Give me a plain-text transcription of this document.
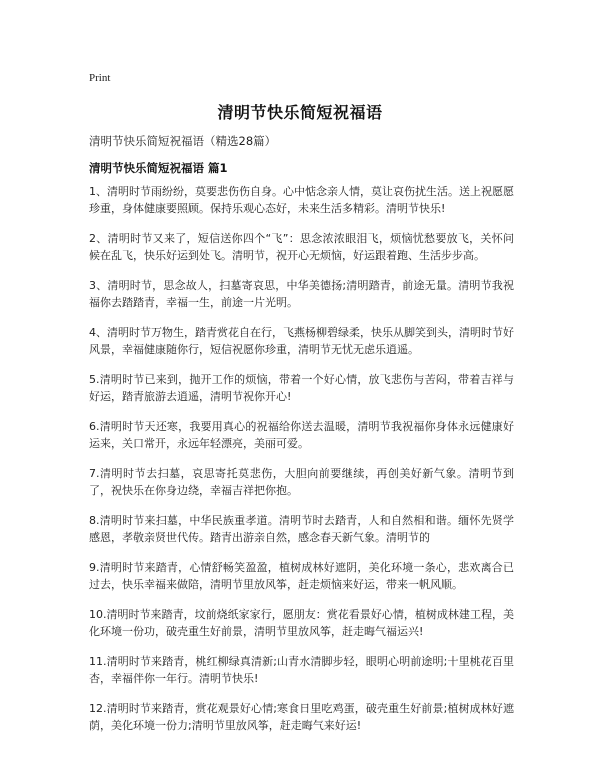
Print
清明节快乐简短祝福语
清明节快乐简短祝福语（精选28篇）
清明节快乐简短祝福语 篇1

1、清明时节雨纷纷，莫要悲伤伤自身。心中惦念亲人情，莫让哀伤扰生活。送上祝愿愿珍重，身体健康要照顾。保持乐观心态好，未来生活多精彩。清明节快乐!

2、清明时节又来了，短信送你四个“飞”：思念浓浓眼泪飞，烦恼忧愁要放飞，关怀问候在乱飞，快乐好运到处飞。清明节，祝开心无烦恼，好运跟着跑、生活步步高。

3、清明时节，思念故人，扫墓寄哀思，中华美德扬;清明踏青，前途无量。清明节我祝福你去踏踏青，幸福一生，前途一片光明。

4、清明时节万物生，踏青赏花自在行，飞燕杨柳碧绿柔，快乐从脚笑到头，清明时节好风景，幸福健康随你行，短信祝愿你珍重，清明节无忧无虑乐逍遥。

5.清明时节已来到，抛开工作的烦恼，带着一个好心情，放飞悲伤与苦闷，带着吉祥与好运，踏青旅游去逍遥，清明节祝你开心!

6.清明时节天还寒，我要用真心的祝福给你送去温暖，清明节我祝福你身体永远健康好运来，关口常开，永远年轻漂亮，美丽可爱。

7.清明时节去扫墓，哀思寄托莫悲伤，大胆向前要继续，再创美好新气象。清明节到了，祝快乐在你身边绕，幸福吉祥把你抱。

8.清明时节来扫墓，中华民族重孝道。清明节时去踏青，人和自然相和谐。缅怀先贤学感恩，孝敬亲贤世代传。踏青出游亲自然，感念春天新气象。清明节的

9.清明时节来踏青，心情舒畅笑盈盈，植树成林好遮阴，美化环境一条心，悲欢离合已过去，快乐幸福来做陪，清明节里放风筝，赶走烦恼来好运，带来一帆风顺。

10.清明时节来踏青，坟前烧纸家家行，愿朋友：赏花看景好心情，植树成林建工程，美化环境一份功，破壳重生好前景，清明节里放风筝，赶走晦气福运兴!

11.清明时节来踏青，桃红柳绿真清新;山青水清脚步轻，眼明心明前途明;十里桃花百里杏，幸福伴你一年行。清明节快乐!

12.清明时节来踏青，赏花观景好心情;寒食日里吃鸡蛋，破壳重生好前景;植树成林好遮荫，美化环境一份力;清明节里放风筝，赶走晦气来好运!
